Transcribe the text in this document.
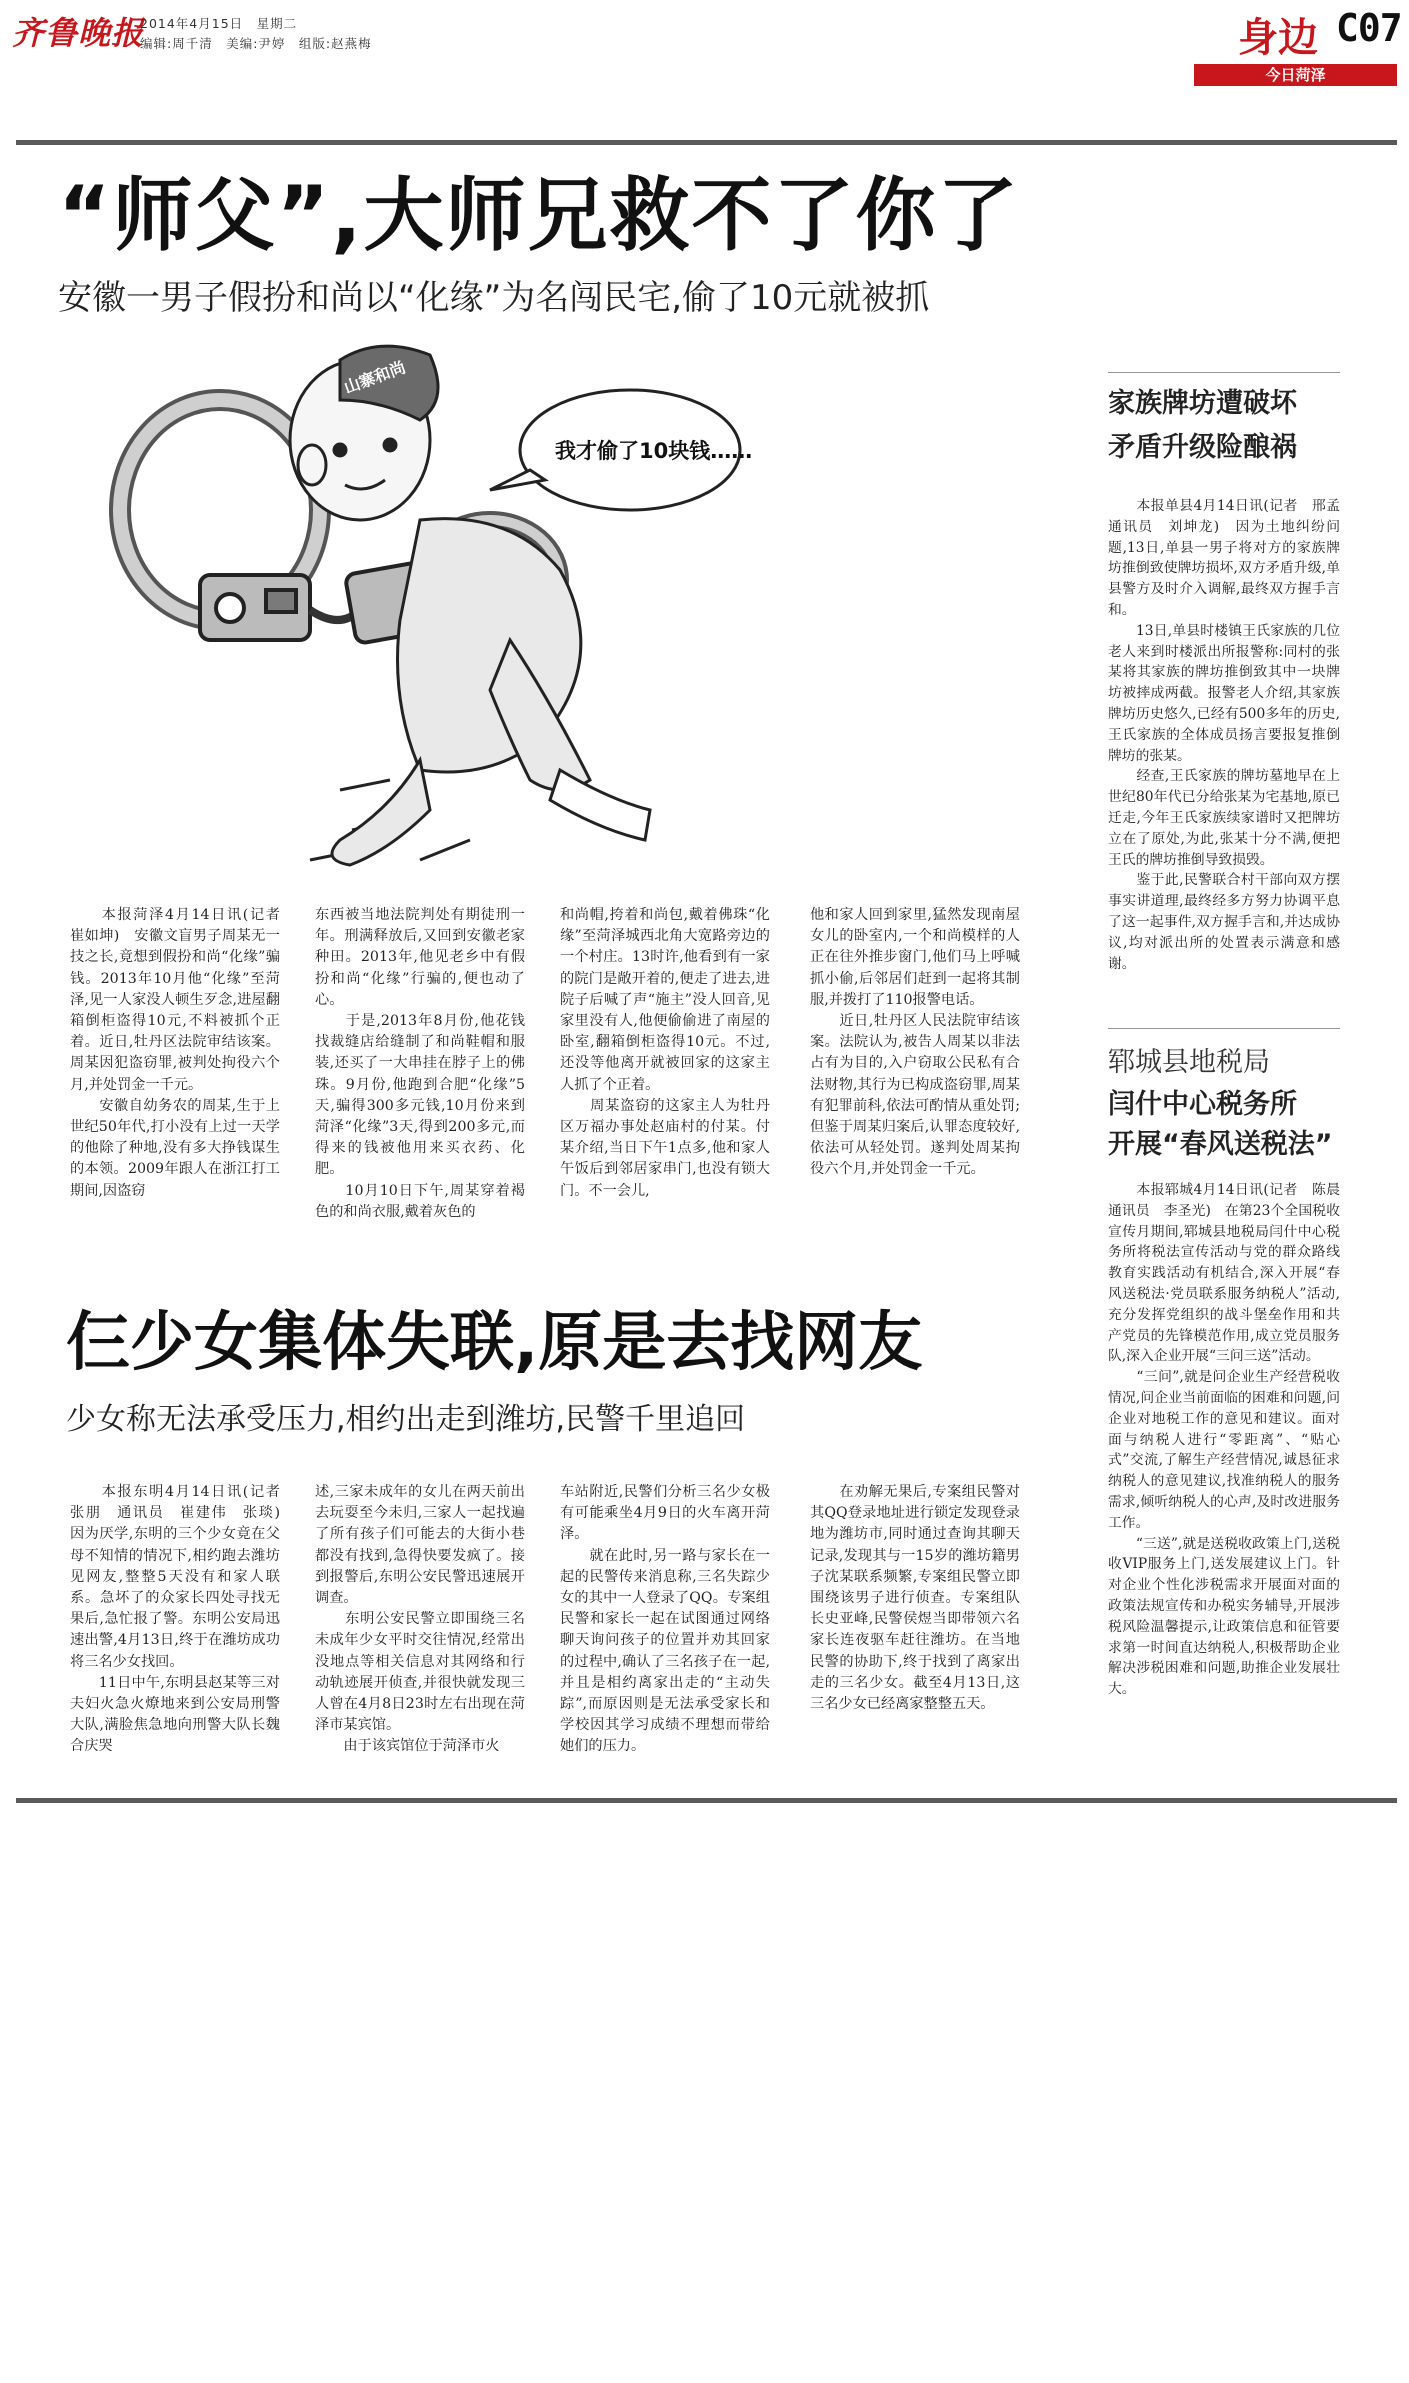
齐鲁晚报
2014年4月15日　星期二
编辑:周千清　美编:尹婷　组版:赵燕梅	身边 C07
今日菏泽
“师父”,大师兄救不了你了
安徽一男子假扮和尚以“化缘”为名闯民宅,偷了10元就被抓
山寨和尚
我才偷了10块钱……
　　本报菏泽4月14日讯(记者　崔如坤)　安徽文盲男子周某无一技之长,竟想到假扮和尚“化缘”骗钱。2013年10月他“化缘”至菏泽,见一人家没人顿生歹念,进屋翻箱倒柜盗得10元,不料被抓个正着。近日,牡丹区法院审结该案。周某因犯盗窃罪,被判处拘役六个月,并处罚金一千元。
　　安徽自幼务农的周某,生于上世纪50年代,打小没有上过一天学的他除了种地,没有多大挣钱谋生的本领。2009年跟人在浙江打工期间,因盗窃
东西被当地法院判处有期徒刑一年。刑满释放后,又回到安徽老家种田。2013年,他见老乡中有假扮和尚“化缘”行骗的,便也动了心。
　　于是,2013年8月份,他花钱找裁缝店给缝制了和尚鞋帽和服装,还买了一大串挂在脖子上的佛珠。9月份,他跑到合肥“化缘”5天,骗得300多元钱,10月份来到菏泽“化缘”3天,得到200多元,而得来的钱被他用来买衣药、化肥。
　　10月10日下午,周某穿着褐色的和尚衣服,戴着灰色的
和尚帽,挎着和尚包,戴着佛珠“化缘”至菏泽城西北角大宽路旁边的一个村庄。13时许,他看到有一家的院门是敞开着的,便走了进去,进院子后喊了声“施主”没人回音,见家里没有人,他便偷偷进了南屋的卧室,翻箱倒柜盗得10元。不过,还没等他离开就被回家的这家主人抓了个正着。
　　周某盗窃的这家主人为牡丹区万福办事处赵庙村的付某。付某介绍,当日下午1点多,他和家人午饭后到邻居家串门,也没有锁大门。不一会儿,
他和家人回到家里,猛然发现南屋女儿的卧室内,一个和尚模样的人正在往外推步窗门,他们马上呼喊抓小偷,后邻居们赶到一起将其制服,并拨打了110报警电话。
　　近日,牡丹区人民法院审结该案。法院认为,被告人周某以非法占有为目的,入户窃取公民私有合法财物,其行为已构成盗窃罪,周某有犯罪前科,依法可酌情从重处罚;但鉴于周某归案后,认罪态度较好,依法可从轻处罚。遂判处周某拘役六个月,并处罚金一千元。
仨少女集体失联,原是去找网友
少女称无法承受压力,相约出走到潍坊,民警千里追回
　　本报东明4月14日讯(记者　张朋　通讯员　崔建伟　张琰)　因为厌学,东明的三个少女竟在父母不知情的情况下,相约跑去潍坊见网友,整整5天没有和家人联系。急坏了的众家长四处寻找无果后,急忙报了警。东明公安局迅速出警,4月13日,终于在潍坊成功将三名少女找回。
　　11日中午,东明县赵某等三对夫妇火急火燎地来到公安局刑警大队,满脸焦急地向刑警大队长魏合庆哭
述,三家未成年的女儿在两天前出去玩耍至今未归,三家人一起找遍了所有孩子们可能去的大街小巷都没有找到,急得快要发疯了。接到报警后,东明公安民警迅速展开调查。
　　东明公安民警立即围绕三名未成年少女平时交往情况,经常出没地点等相关信息对其网络和行动轨迹展开侦查,并很快就发现三人曾在4月8日23时左右出现在菏泽市某宾馆。
　　由于该宾馆位于菏泽市火
车站附近,民警们分析三名少女极有可能乘坐4月9日的火车离开菏泽。
　　就在此时,另一路与家长在一起的民警传来消息称,三名失踪少女的其中一人登录了QQ。专案组民警和家长一起在试图通过网络聊天询问孩子的位置并劝其回家的过程中,确认了三名孩子在一起,并且是相约离家出走的“主动失踪”,而原因则是无法承受家长和学校因其学习成绩不理想而带给她们的压力。
　　在劝解无果后,专案组民警对其QQ登录地址进行锁定发现登录地为潍坊市,同时通过查询其聊天记录,发现其与一15岁的潍坊籍男子沈某联系频繁,专案组民警立即围绕该男子进行侦查。专案组队长史亚峰,民警侯煜当即带领六名家长连夜驱车赶往潍坊。在当地民警的协助下,终于找到了离家出走的三名少女。截至4月13日,这三名少女已经离家整整五天。
家族牌坊遭破坏
矛盾升级险酿祸
　　本报单县4月14日讯(记者　邢孟　通讯员　刘坤龙)　因为土地纠纷问题,13日,单县一男子将对方的家族牌坊推倒致使牌坊损坏,双方矛盾升级,单县警方及时介入调解,最终双方握手言和。
　　13日,单县时楼镇王氏家族的几位老人来到时楼派出所报警称:同村的张某将其家族的牌坊推倒致其中一块牌坊被摔成两截。报警老人介绍,其家族牌坊历史悠久,已经有500多年的历史,王氏家族的全体成员扬言要报复推倒牌坊的张某。
　　经查,王氏家族的牌坊墓地早在上世纪80年代已分给张某为宅基地,原已迁走,今年王氏家族续家谱时又把牌坊立在了原处,为此,张某十分不满,便把王氏的牌坊推倒导致损毁。
　　鉴于此,民警联合村干部向双方摆事实讲道理,最终经多方努力协调平息了这一起事件,双方握手言和,并达成协议,均对派出所的处置表示满意和感谢。
郓城县地税局
闫什中心税务所
开展“春风送税法”
　　本报郓城4月14日讯(记者　陈晨　通讯员　李圣光)　在第23个全国税收宣传月期间,郓城县地税局闫什中心税务所将税法宣传活动与党的群众路线教育实践活动有机结合,深入开展“春风送税法·党员联系服务纳税人”活动,充分发挥党组织的战斗堡垒作用和共产党员的先锋模范作用,成立党员服务队,深入企业开展“三问三送”活动。
　　“三问”,就是问企业生产经营税收情况,问企业当前面临的困难和问题,问企业对地税工作的意见和建议。面对面与纳税人进行“零距离”、“贴心式”交流,了解生产经营情况,诚恳征求纳税人的意见建议,找准纳税人的服务需求,倾听纳税人的心声,及时改进服务工作。
　　“三送”,就是送税收政策上门,送税收VIP服务上门,送发展建议上门。针对企业个性化涉税需求开展面对面的政策法规宣传和办税实务辅导,开展涉税风险温馨提示,让政策信息和征管要求第一时间直达纳税人,积极帮助企业解决涉税困难和问题,助推企业发展壮大。
